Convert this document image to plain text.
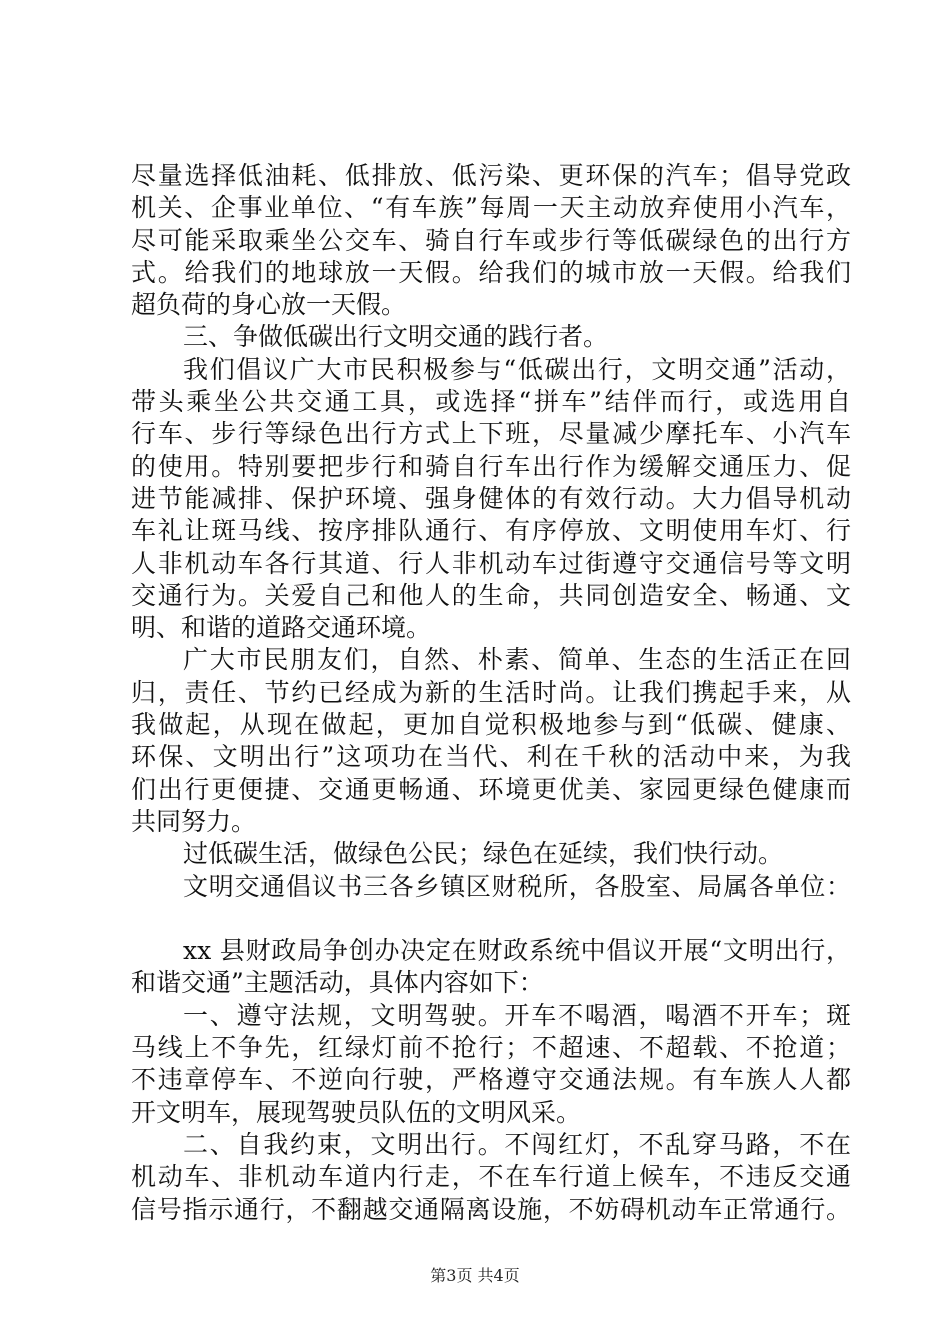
尽量选择低油耗、低排放、低污染、更环保的汽车；倡导党政
机关、企事业单位、“有车族”每周一天主动放弃使用小汽车，
尽可能采取乘坐公交车、骑自行车或步行等低碳绿色的出行方
式。给我们的地球放一天假。给我们的城市放一天假。给我们
超负荷的身心放一天假。
三、争做低碳出行文明交通的践行者。
我们倡议广大市民积极参与“低碳出行，文明交通”活动，
带头乘坐公共交通工具，或选择“拼车”结伴而行，或选用自
行车、步行等绿色出行方式上下班，尽量减少摩托车、小汽车
的使用。特别要把步行和骑自行车出行作为缓解交通压力、促
进节能减排、保护环境、强身健体的有效行动。大力倡导机动
车礼让斑马线、按序排队通行、有序停放、文明使用车灯、行
人非机动车各行其道、行人非机动车过街遵守交通信号等文明
交通行为。关爱自己和他人的生命，共同创造安全、畅通、文
明、和谐的道路交通环境。
广大市民朋友们，自然、朴素、简单、生态的生活正在回
归，责任、节约已经成为新的生活时尚。让我们携起手来，从
我做起，从现在做起，更加自觉积极地参与到“低碳、健康、
环保、文明出行”这项功在当代、利在千秋的活动中来，为我
们出行更便捷、交通更畅通、环境更优美、家园更绿色健康而
共同努力。
过低碳生活，做绿色公民；绿色在延续，我们快行动。
文明交通倡议书三各乡镇区财税所，各股室、局属各单位：
xx 县财政局争创办决定在财政系统中倡议开展“文明出行，
和谐交通”主题活动，具体内容如下：
一、遵守法规，文明驾驶。开车不喝酒，喝酒不开车；斑
马线上不争先，红绿灯前不抢行；不超速、不超载、不抢道；
不违章停车、不逆向行驶，严格遵守交通法规。有车族人人都
开文明车，展现驾驶员队伍的文明风采。
二、自我约束，文明出行。不闯红灯，不乱穿马路，不在
机动车、非机动车道内行走，不在车行道上候车，不违反交通
信号指示通行，不翻越交通隔离设施，不妨碍机动车正常通行。
第3页 共4页
